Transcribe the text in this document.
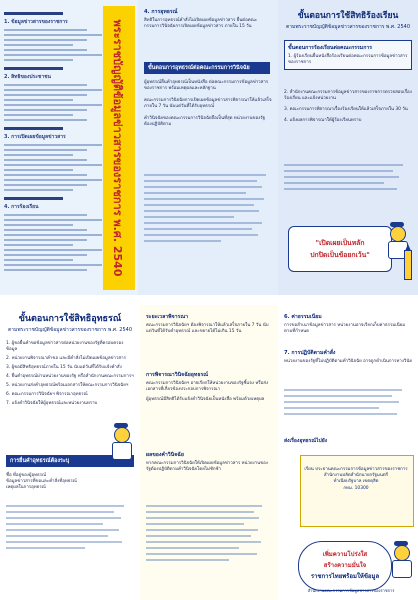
1. ข้อมูลข่าวสารของราชการ
2. สิทธิของประชาชน
3. การเปิดเผยข้อมูลข่าวสาร
4. การร้องเรียน	พระราชบัญญัติข้อมูลข่าวสารของราชการ พ.ศ. 2540
4. การอุทธรณ์
สิทธิในการอุทธรณ์คำสั่งไม่เปิดเผยข้อมูลข่าวสาร ยื่นต่อคณะกรรมการวินิจฉัยการเปิดเผยข้อมูลข่าวสาร ภายใน 15 วัน
ขั้นตอนการอุทธรณ์ต่อคณะกรรมการวินิจฉัย
ผู้อุทธรณ์ยื่นคำอุทธรณ์เป็นหนังสือ ต่อคณะกรรมการข้อมูลข่าวสารของราชการ พร้อมเหตุผลและหลักฐาน
คณะกรรมการวินิจฉัยการเปิดเผยข้อมูลข่าวสารพิจารณาให้แล้วเสร็จภายใน 7 วัน นับแต่วันที่ได้รับอุทธรณ์
คำวินิจฉัยของคณะกรรมการวินิจฉัยถือเป็นที่สุด หน่วยงานของรัฐต้องปฏิบัติตาม
ขั้นตอนการใช้สิทธิร้องเรียน
ตามพระราชบัญญัติข้อมูลข่าวสารของราชการ พ.ศ. 2540
ขั้นตอนการร้องเรียนต่อคณะกรรมการ
1. ผู้ร้องเรียนยื่นหนังสือร้องเรียนต่อคณะกรรมการข้อมูลข่าวสารของราชการ
2. สำนักงานคณะกรรมการข้อมูลข่าวสารของราชการตรวจสอบเรื่องร้องเรียน และแจ้งหน่วยงาน
3. คณะกรรมการพิจารณาเรื่องร้องเรียนให้แล้วเสร็จภายใน 30 วัน
4. แจ้งผลการพิจารณาให้ผู้ร้องเรียนทราบ
"เปิดเผยเป็นหลัก
ปกปิดเป็นข้อยกเว้น"
ขั้นตอนการใช้สิทธิอุทธรณ์
ตามพระราชบัญญัติข้อมูลข่าวสารของราชการ พ.ศ. 2540
1. ผู้ขอยื่นคำขอข้อมูลข่าวสารต่อหน่วยงานของรัฐที่ครอบครองข้อมูล
2. หน่วยงานพิจารณาคำขอ และมีคำสั่งไม่เปิดเผยข้อมูลข่าวสาร
3. ผู้ขอมีสิทธิอุทธรณ์ภายใน 15 วัน นับแต่วันที่ได้รับแจ้งคำสั่ง
4. ยื่นคำอุทธรณ์ผ่านหน่วยงานของรัฐ หรือสำนักงานคณะกรรมการฯ
5. หน่วยงานส่งคำอุทธรณ์พร้อมเอกสารให้คณะกรรมการวินิจฉัยฯ
6. คณะกรรมการวินิจฉัยฯ พิจารณาอุทธรณ์
7. แจ้งคำวินิจฉัยให้ผู้อุทธรณ์และหน่วยงานทราบ
การยื่นคำอุทธรณ์ต้องระบุ
ชื่อ ที่อยู่ของผู้อุทธรณ์
ข้อมูลข่าวสารที่ขอและคำสั่งที่อุทธรณ์
เหตุผลในการอุทธรณ์
ระยะเวลาพิจารณา
คณะกรรมการวินิจฉัยฯ ต้องพิจารณาให้แล้วเสร็จภายใน 7 วัน นับแต่วันที่ได้รับคำอุทธรณ์ และขยายได้ไม่เกิน 15 วัน
การพิจารณาวินิจฉัยอุทธรณ์
คณะกรรมการวินิจฉัยฯ อาจเรียกให้หน่วยงานของรัฐชี้แจง หรือส่งเอกสารที่เกี่ยวข้องประกอบการพิจารณา
ผู้อุทธรณ์มีสิทธิได้รับแจ้งคำวินิจฉัยเป็นหนังสือ พร้อมด้วยเหตุผล
ผลของคำวินิจฉัย
หากคณะกรรมการวินิจฉัยให้เปิดเผยข้อมูลข่าวสาร หน่วยงานของรัฐต้องปฏิบัติตามคำวินิจฉัยโดยไม่ชักช้า
6. ค่าธรรมเนียม
การขอสำเนาข้อมูลข่าวสาร หน่วยงานอาจเรียกเก็บค่าธรรมเนียมตามที่กำหนด
7. การปฏิบัติตามคำสั่ง
หน่วยงานของรัฐที่ไม่ปฏิบัติตามคำวินิจฉัย อาจถูกดำเนินการทางวินัย
ส่งเรื่องอุทธรณ์ไปยัง
เรียน ประธานคณะกรรมการข้อมูลข่าวสารของราชการ
สำนักงานปลัดสำนักนายกรัฐมนตรี
ทำเนียบรัฐบาล เขตดุสิต
กทม. 10300
เพิ่มความโปร่งใส
สร้างความมั่นใจ
ราชการไทยพร้อมให้ข้อมูล
สำนักงานคณะกรรมการข้อมูลข่าวสารของราชการ
